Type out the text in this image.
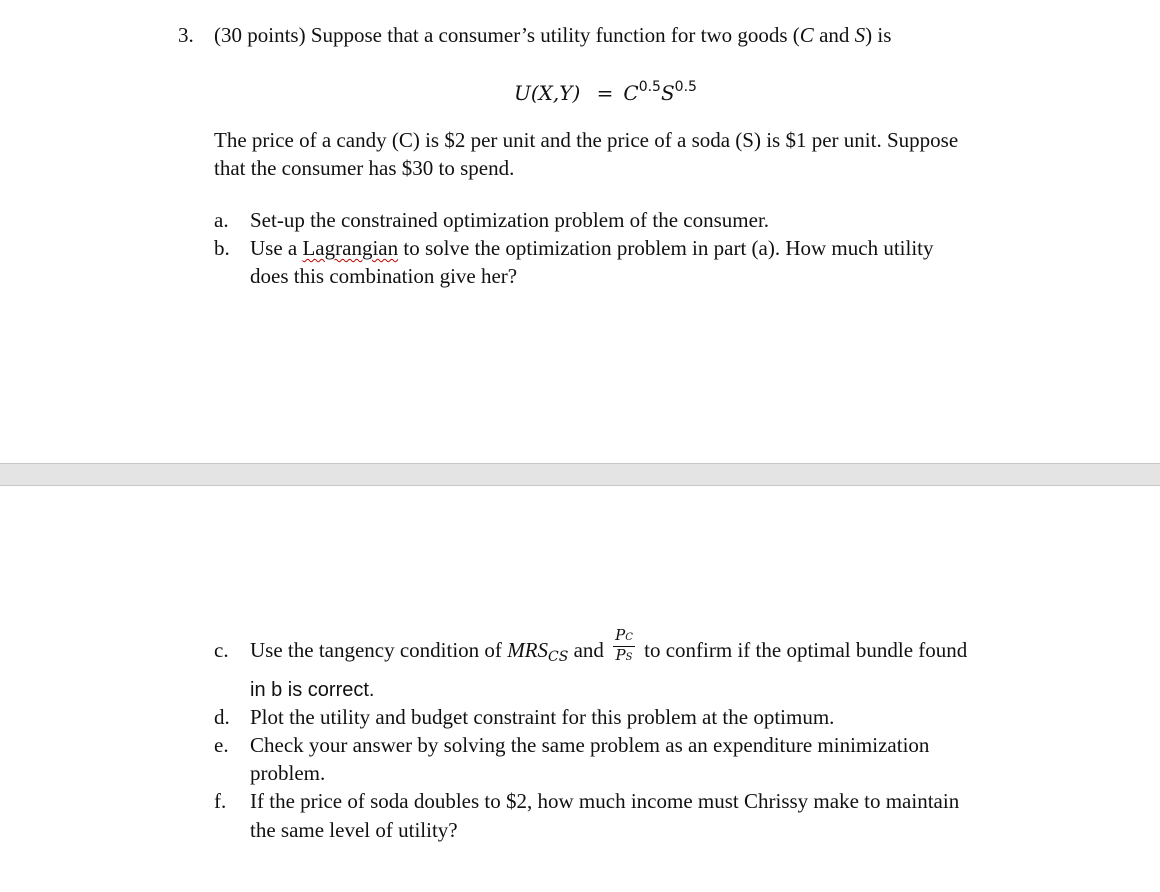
3. (30 points) Suppose that a consumer’s utility function for two goods (C and S) is
$U(X,Y) = C^{0.5}S^{0.5}$
The price of a candy (C) is $2 per unit and the price of a soda (S) is $1 per unit. Suppose
that the consumer has $30 to spend.
a. Set-up the constrained optimization problem of the consumer.
b. Use a Lagrangian to solve the optimization problem in part (a). How much utility
does this combination give her?
c. Use the tangency condition of $MRS_{CS}$ and $\frac{PC}{PS}$ to confirm if the optimal bundle found
in b is correct.
d. Plot the utility and budget constraint for this problem at the optimum.
e. Check your answer by solving the same problem as an expenditure minimization
problem.
f. If the price of soda doubles to $2, how much income must Chrissy make to maintain
the same level of utility?
